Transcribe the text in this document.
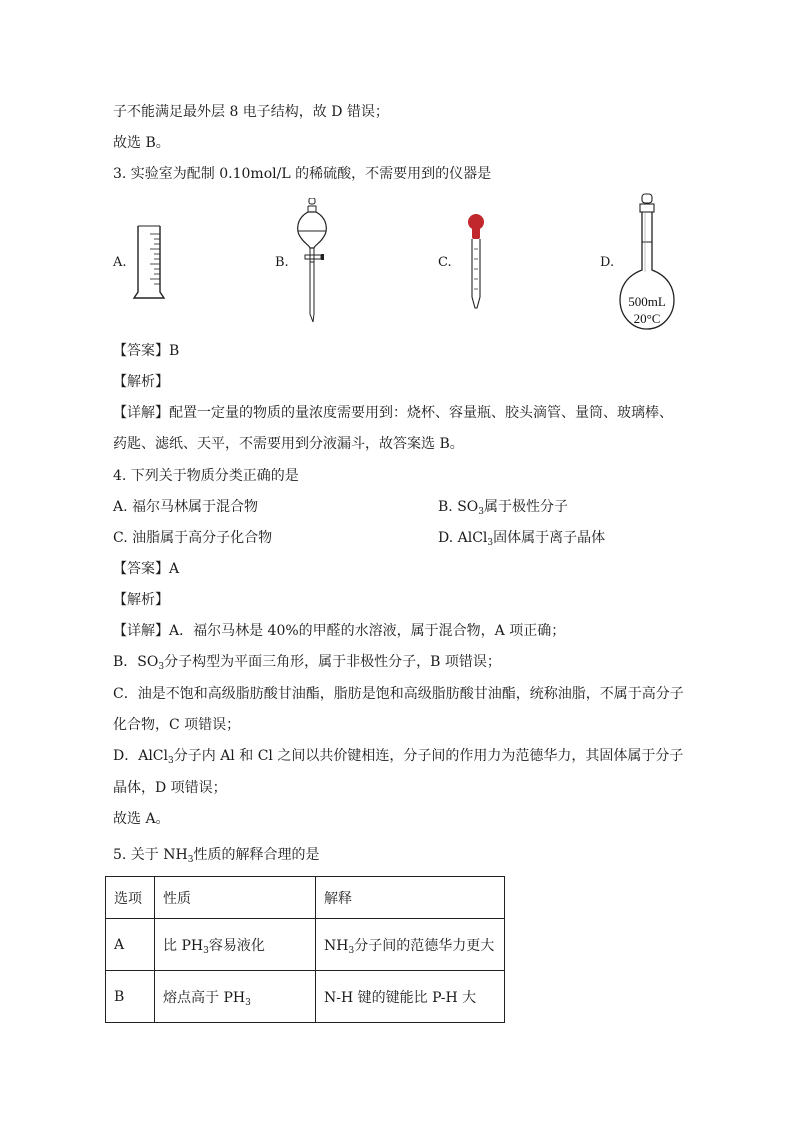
子不能满足最外层 8 电子结构，故 D 错误；
故选 B。
3. 实验室为配制 0.10mol/L 的稀硫酸，不需要用到的仪器是
A.	B.	C.	D.
500mL
20°C
【答案】B
【解析】
【详解】配置一定量的物质的量浓度需要用到：烧杯、容量瓶、胶头滴管、量筒、玻璃棒、
药匙、滤纸、天平，不需要用到分液漏斗，故答案选 B。
4. 下列关于物质分类正确的是
A. 福尔马林属于混合物	B. $SO_3$属于极性分子
C. 油脂属于高分子化合物	D. AlCl$_3$固体属于离子晶体
【答案】A
【解析】
【详解】A．福尔马林是 40%的甲醛的水溶液，属于混合物，A 项正确；
B．$SO_3$分子构型为平面三角形，属于非极性分子，B 项错误；
C．油是不饱和高级脂肪酸甘油酯，脂肪是饱和高级脂肪酸甘油酯，统称油脂，不属于高分子
化合物，C 项错误；
D．AlCl$_3$分子内 Al 和 Cl 之间以共价键相连，分子间的作用力为范德华力，其固体属于分子
晶体，D 项错误；
故选 A。
5. 关于 $NH_3$性质的解释合理的是
选项	性质	解释
A	比 $PH_3$容易液化	$NH_3$分子间的范德华力更大
B	熔点高于 $PH_3$	N-H 键的键能比 P-H 大
